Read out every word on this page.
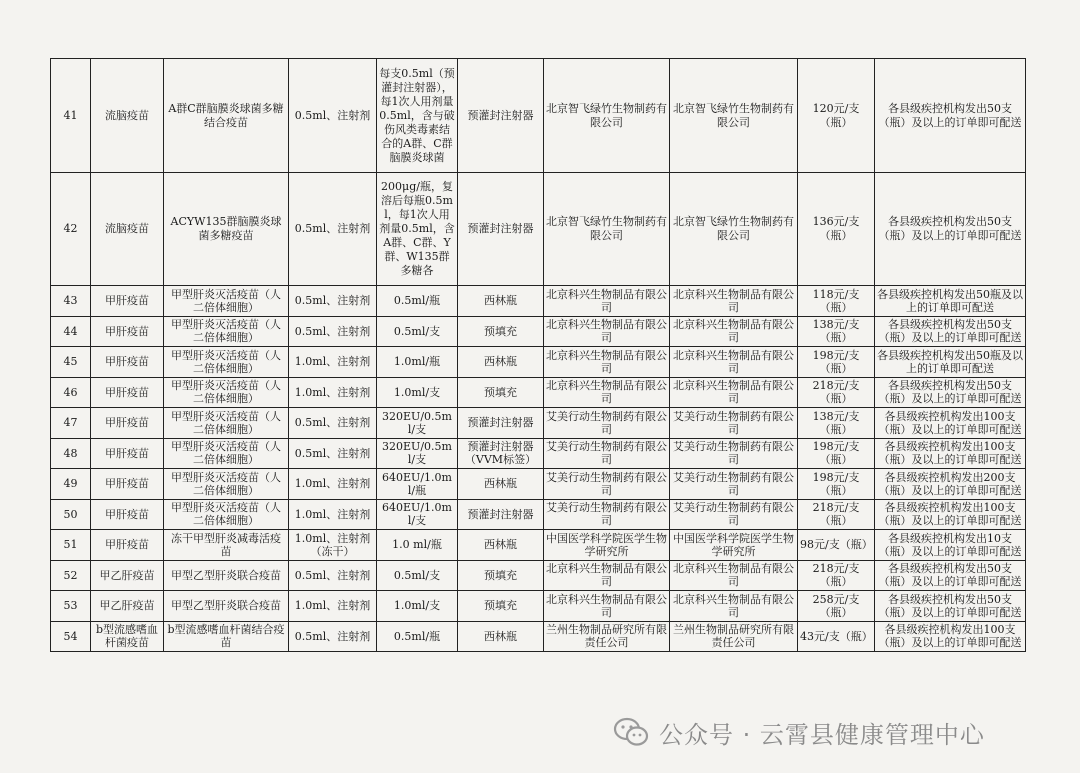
41	流脑疫苗	A群C群脑膜炎球菌多糖结合疫苗	0.5ml、注射剂	每支0.5ml（预灌封注射器），每1次人用剂量0.5ml，含与破伤风类毒素结合的A群、C群脑膜炎球菌	预灌封注射器	北京智飞绿竹生物制药有限公司	北京智飞绿竹生物制药有限公司	120元/支（瓶）	各县级疾控机构发出50支（瓶）及以上的订单即可配送
42	流脑疫苗	ACYW135群脑膜炎球菌多糖疫苗	0.5ml、注射剂	200μg/瓶，复溶后每瓶0.5ml，每1次人用剂量0.5ml，含A群、C群、Y群、W135群多糖各	预灌封注射器	北京智飞绿竹生物制药有限公司	北京智飞绿竹生物制药有限公司	136元/支（瓶）	各县级疾控机构发出50支（瓶）及以上的订单即可配送
43	甲肝疫苗	甲型肝炎灭活疫苗（人二倍体细胞）	0.5ml、注射剂	0.5ml/瓶	西林瓶	北京科兴生物制品有限公司	北京科兴生物制品有限公司	118元/支（瓶）	各县级疾控机构发出50瓶及以上的订单即可配送
44	甲肝疫苗	甲型肝炎灭活疫苗（人二倍体细胞）	0.5ml、注射剂	0.5ml/支	预填充	北京科兴生物制品有限公司	北京科兴生物制品有限公司	138元/支（瓶）	各县级疾控机构发出50支（瓶）及以上的订单即可配送
45	甲肝疫苗	甲型肝炎灭活疫苗（人二倍体细胞）	1.0ml、注射剂	1.0ml/瓶	西林瓶	北京科兴生物制品有限公司	北京科兴生物制品有限公司	198元/支（瓶）	各县级疾控机构发出50瓶及以上的订单即可配送
46	甲肝疫苗	甲型肝炎灭活疫苗（人二倍体细胞）	1.0ml、注射剂	1.0ml/支	预填充	北京科兴生物制品有限公司	北京科兴生物制品有限公司	218元/支（瓶）	各县级疾控机构发出50支（瓶）及以上的订单即可配送
47	甲肝疫苗	甲型肝炎灭活疫苗（人二倍体细胞）	0.5ml、注射剂	320EU/0.5ml/支	预灌封注射器	艾美行动生物制药有限公司	艾美行动生物制药有限公司	138元/支（瓶）	各县级疾控机构发出100支（瓶）及以上的订单即可配送
48	甲肝疫苗	甲型肝炎灭活疫苗（人二倍体细胞）	0.5ml、注射剂	320EU/0.5ml/支	预灌封注射器（VVM标签）	艾美行动生物制药有限公司	艾美行动生物制药有限公司	198元/支（瓶）	各县级疾控机构发出100支（瓶）及以上的订单即可配送
49	甲肝疫苗	甲型肝炎灭活疫苗（人二倍体细胞）	1.0ml、注射剂	640EU/1.0ml/瓶	西林瓶	艾美行动生物制药有限公司	艾美行动生物制药有限公司	198元/支（瓶）	各县级疾控机构发出200支（瓶）及以上的订单即可配送
50	甲肝疫苗	甲型肝炎灭活疫苗（人二倍体细胞）	1.0ml、注射剂	640EU/1.0ml/支	预灌封注射器	艾美行动生物制药有限公司	艾美行动生物制药有限公司	218元/支（瓶）	各县级疾控机构发出100支（瓶）及以上的订单即可配送
51	甲肝疫苗	冻干甲型肝炎减毒活疫苗	1.0ml、注射剂（冻干）	1.0 ml/瓶	西林瓶	中国医学科学院医学生物学研究所	中国医学科学院医学生物学研究所	98元/支（瓶）	各县级疾控机构发出10支（瓶）及以上的订单即可配送
52	甲乙肝疫苗	甲型乙型肝炎联合疫苗	0.5ml、注射剂	0.5ml/支	预填充	北京科兴生物制品有限公司	北京科兴生物制品有限公司	218元/支（瓶）	各县级疾控机构发出50支（瓶）及以上的订单即可配送
53	甲乙肝疫苗	甲型乙型肝炎联合疫苗	1.0ml、注射剂	1.0ml/支	预填充	北京科兴生物制品有限公司	北京科兴生物制品有限公司	258元/支（瓶）	各县级疾控机构发出50支（瓶）及以上的订单即可配送
54	b型流感嗜血杆菌疫苗	b型流感嗜血杆菌结合疫苗	0.5ml、注射剂	0.5ml/瓶	西林瓶	兰州生物制品研究所有限责任公司	兰州生物制品研究所有限责任公司	43元/支（瓶）	各县级疾控机构发出100支（瓶）及以上的订单即可配送
公众号 · 云霄县健康管理中心
